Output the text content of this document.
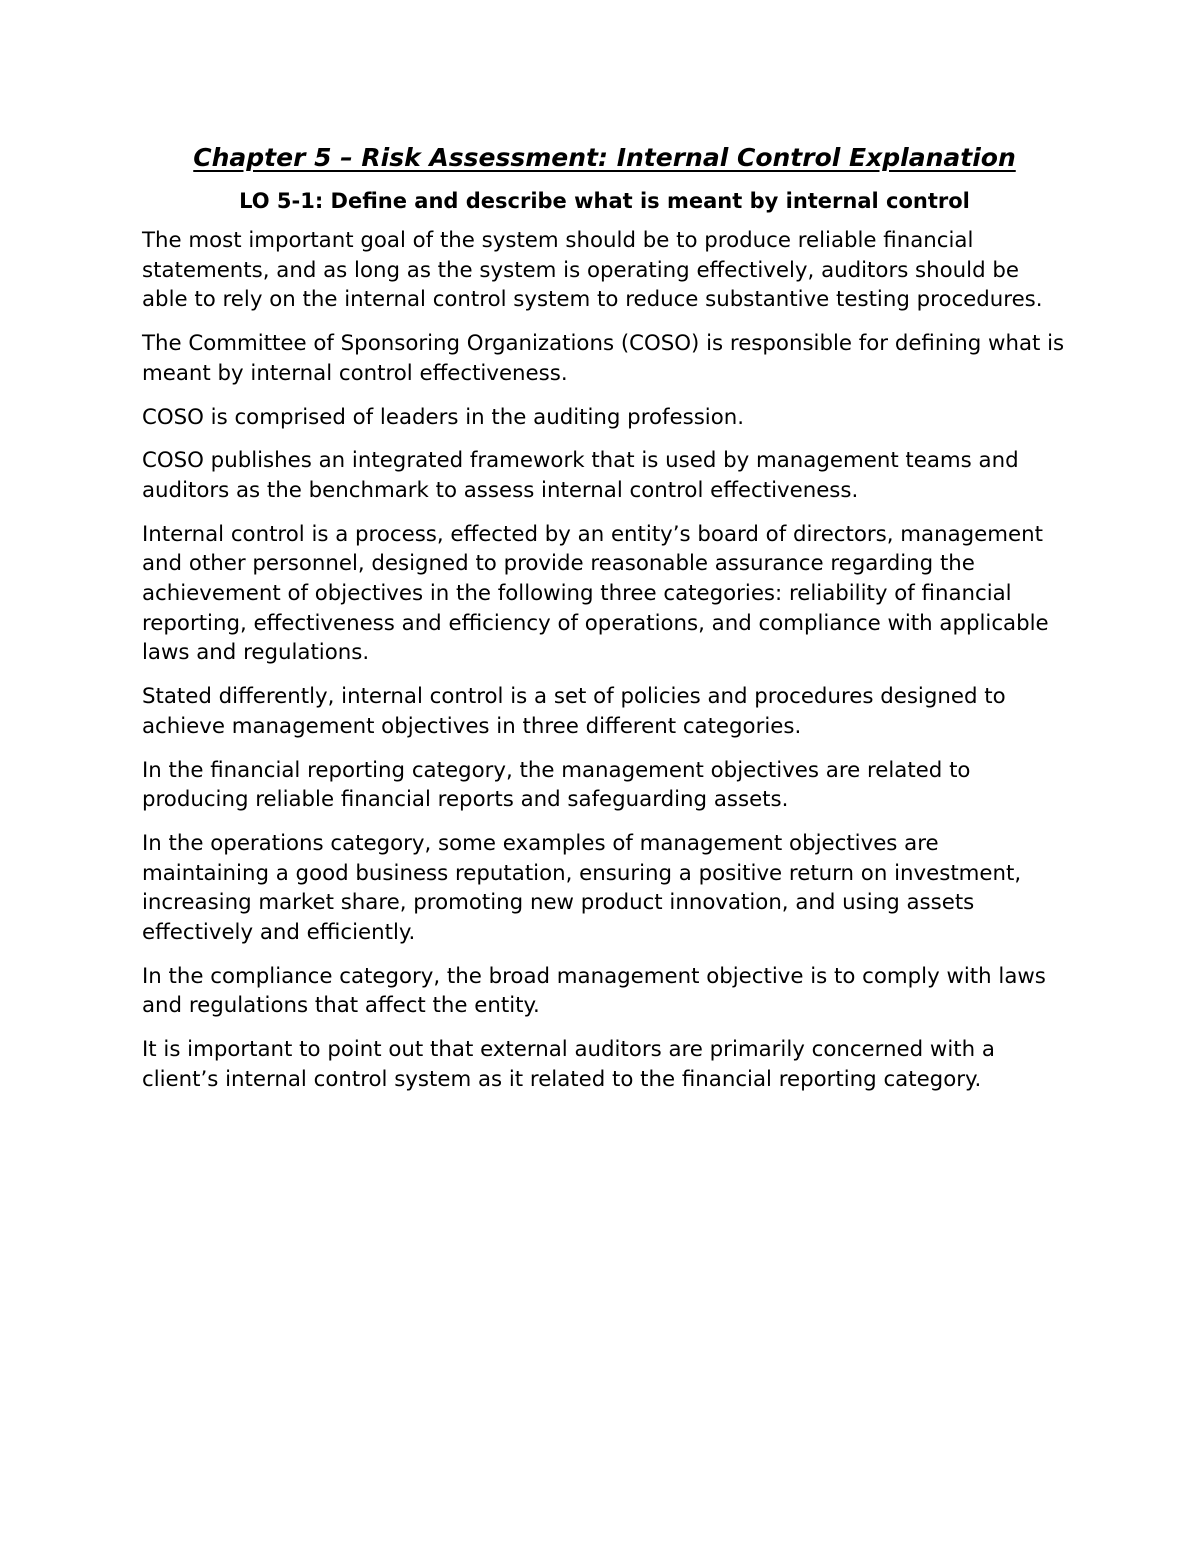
Chapter 5 – Risk Assessment: Internal Control Explanation
LO 5-1: Define and describe what is meant by internal control

The most important goal of the system should be to produce reliable financial statements, and as long as the system is operating effectively, auditors should be able to rely on the internal control system to reduce substantive testing procedures.

The Committee of Sponsoring Organizations (COSO) is responsible for defining what is meant by internal control effectiveness.

COSO is comprised of leaders in the auditing profession.

COSO publishes an integrated framework that is used by management teams and auditors as the benchmark to assess internal control effectiveness.

Internal control is a process, effected by an entity’s board of directors, management and other personnel, designed to provide reasonable assurance regarding the achievement of objectives in the following three categories: reliability of financial reporting, effectiveness and efficiency of operations, and compliance with applicable laws and regulations.

Stated differently, internal control is a set of policies and procedures designed to achieve management objectives in three different categories.

In the financial reporting category, the management objectives are related to producing reliable financial reports and safeguarding assets.

In the operations category, some examples of management objectives are maintaining a good business reputation, ensuring a positive return on investment, increasing market share, promoting new product innovation, and using assets effectively and efficiently.

In the compliance category, the broad management objective is to comply with laws and regulations that affect the entity.

It is important to point out that external auditors are primarily concerned with a client’s internal control system as it related to the financial reporting category.
